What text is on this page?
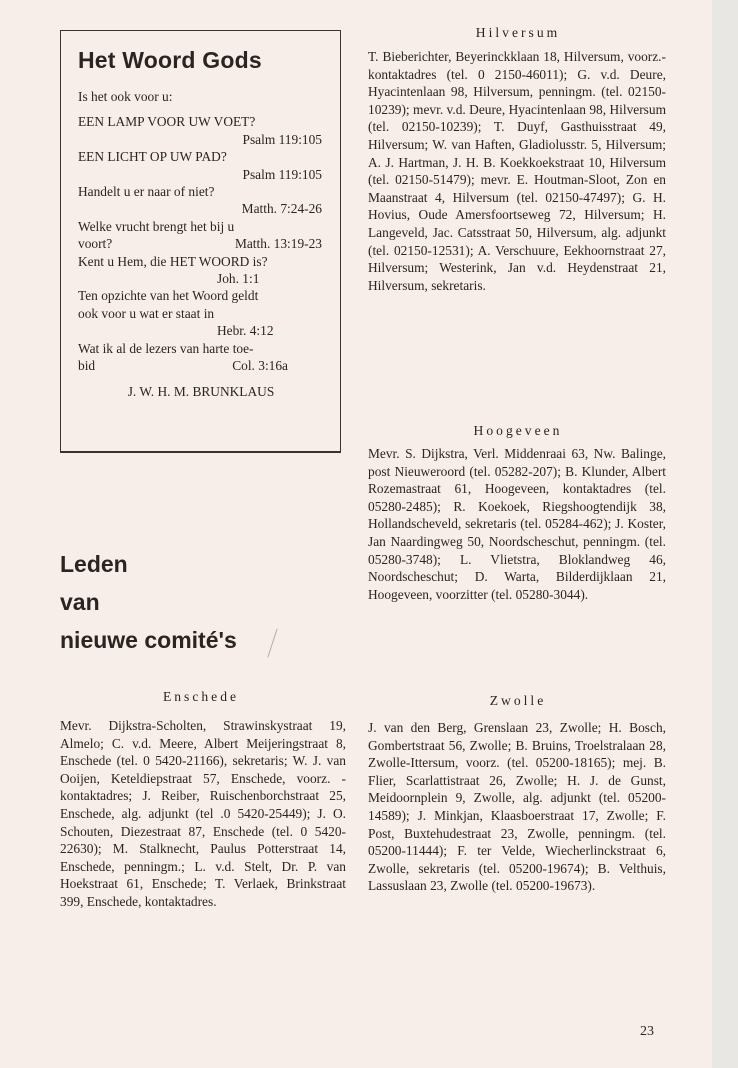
Het Woord Gods
Is het ook voor u:
EEN LAMP VOOR UW VOET?
Psalm 119:105
EEN LICHT OP UW PAD?
Psalm 119:105
Handelt u er naar of niet?
Matth. 7:24-26
Welke vrucht brengt het bij u
voort?	Matth. 13:19-23
Kent u Hem, die HET WOORD is?
Joh. 1:1
Ten opzichte van het Woord geldt
ook voor u wat er staat in
Hebr. 4:12
Wat ik al de lezers van harte toe-
bid	Col. 3:16a
J. W. H. M. BRUNKLAUS
Leden
van
nieuwe comité's
Hilversum
T. Bieberichter, Beyerinckklaan 18, Hilversum, voorz.-kontaktadres (tel. 0 2150-46011); G. v.d. Deure, Hyacintenlaan 98, Hilversum, penningm. (tel. 02150-10239); mevr. v.d. Deure, Hyacintenlaan 98, Hilversum (tel. 02150-10239); T. Duyf, Gasthuisstraat 49, Hilversum; W. van Haften, Gladiolusstr. 5, Hilversum; A. J. Hartman, J. H. B. Koekkoekstraat 10, Hilversum (tel. 02150-51479); mevr. E. Houtman-Sloot, Zon en Maanstraat 4, Hilversum (tel. 02150-47497); G. H. Hovius, Oude Amersfoortseweg 72, Hilversum; H. Langeveld, Jac. Catsstraat 50, Hilversum, alg. adjunkt (tel. 02150-12531); A. Verschuure, Eekhoornstraat 27, Hilversum; Westerink, Jan v.d. Heydenstraat 21, Hilversum, sekretaris.
Hoogeveen
Mevr. S. Dijkstra, Verl. Middenraai 63, Nw. Balinge, post Nieuweroord (tel. 05282-207); B. Klunder, Albert Rozemastraat 61, Hoogeveen, kontaktadres (tel. 05280-2485); R. Koekoek, Riegshoogtendijk 38, Hollandscheveld, sekretaris (tel. 05284-462); J. Koster, Jan Naardingweg 50, Noordscheschut, penningm. (tel. 05280-3748); L. Vlietstra, Bloklandweg 46, Noordscheschut; D. Warta, Bilderdijklaan 21, Hoogeveen, voorzitter (tel. 05280-3044).
Enschede
Mevr. Dijkstra-Scholten, Strawinskystraat 19, Almelo; C. v.d. Meere, Albert Meijeringstraat 8, Enschede (tel. 0 5420-21166), sekretaris; W. J. van Ooijen, Keteldiepstraat 57, Enschede, voorz. - kontaktadres; J. Reiber, Ruischenborchstraat 25, Enschede, alg. adjunkt (tel .0 5420-25449); J. O. Schouten, Diezestraat 87, Enschede (tel. 0 5420-22630); M. Stalknecht, Paulus Potterstraat 14, Enschede, penningm.; L. v.d. Stelt, Dr. P. van Hoekstraat 61, Enschede; T. Verlaek, Brinkstraat 399, Enschede, kontaktadres.
Zwolle
J. van den Berg, Grenslaan 23, Zwolle; H. Bosch, Gombertstraat 56, Zwolle; B. Bruins, Troelstralaan 28, Zwolle-Ittersum, voorz. (tel. 05200-18165); mej. B. Flier, Scarlattistraat 26, Zwolle; H. J. de Gunst, Meidoornplein 9, Zwolle, alg. adjunkt (tel. 05200-14589); J. Minkjan, Klaasboerstraat 17, Zwolle; F. Post, Buxtehudestraat 23, Zwolle, penningm. (tel. 05200-11444); F. ter Velde, Wiecherlinckstraat 6, Zwolle, sekretaris (tel. 05200-19674); B. Velthuis, Lassuslaan 23, Zwolle (tel. 05200-19673).
23
